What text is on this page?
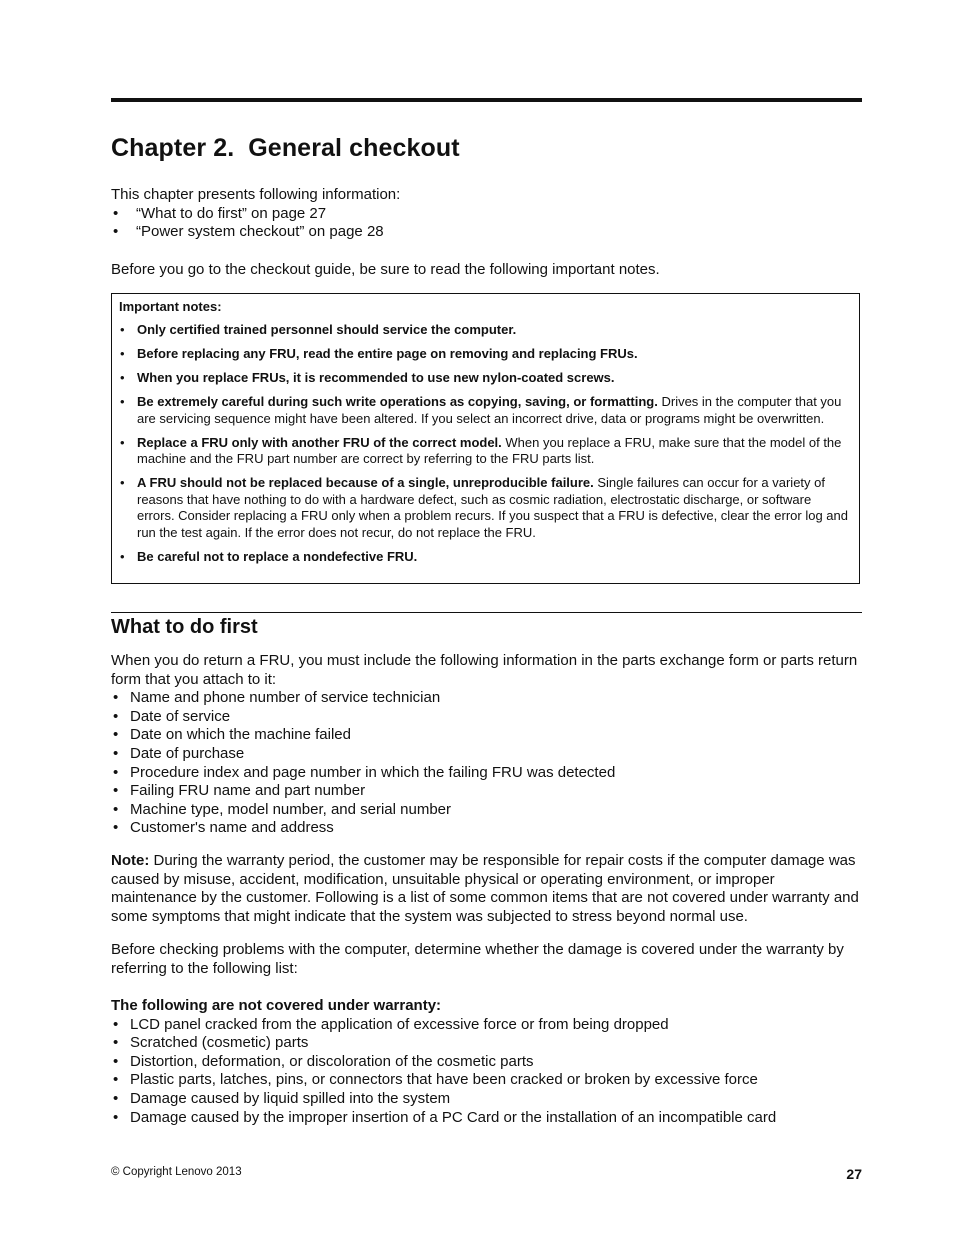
Chapter 2. General checkout

This chapter presents following information:

• “What to do first” on page 27
• “Power system checkout” on page 28

Before you go to the checkout guide, be sure to read the following important notes.

Important notes:

• Only certified trained personnel should service the computer.
• Before replacing any FRU, read the entire page on removing and replacing FRUs.
• When you replace FRUs, it is recommended to use new nylon-coated screws.
• Be extremely careful during such write operations as copying, saving, or formatting. Drives in the computer that you are servicing sequence might have been altered. If you select an incorrect drive, data or programs might be overwritten.
• Replace a FRU only with another FRU of the correct model. When you replace a FRU, make sure that the model of the machine and the FRU part number are correct by referring to the FRU parts list.
• A FRU should not be replaced because of a single, unreproducible failure. Single failures can occur for a variety of reasons that have nothing to do with a hardware defect, such as cosmic radiation, electrostatic discharge, or software errors. Consider replacing a FRU only when a problem recurs. If you suspect that a FRU is defective, clear the error log and run the test again. If the error does not recur, do not replace the FRU.
• Be careful not to replace a nondefective FRU.
What to do first

When you do return a FRU, you must include the following information in the parts exchange form or parts return form that you attach to it:

• Name and phone number of service technician
• Date of service
• Date on which the machine failed
• Date of purchase
• Procedure index and page number in which the failing FRU was detected
• Failing FRU name and part number
• Machine type, model number, and serial number
• Customer's name and address

Note: During the warranty period, the customer may be responsible for repair costs if the computer damage was caused by misuse, accident, modification, unsuitable physical or operating environment, or improper maintenance by the customer. Following is a list of some common items that are not covered under warranty and some symptoms that might indicate that the system was subjected to stress beyond normal use.

Before checking problems with the computer, determine whether the damage is covered under the warranty by referring to the following list:

The following are not covered under warranty:

• LCD panel cracked from the application of excessive force or from being dropped
• Scratched (cosmetic) parts
• Distortion, deformation, or discoloration of the cosmetic parts
• Plastic parts, latches, pins, or connectors that have been cracked or broken by excessive force
• Damage caused by liquid spilled into the system
• Damage caused by the improper insertion of a PC Card or the installation of an incompatible card
© Copyright Lenovo 2013	27
